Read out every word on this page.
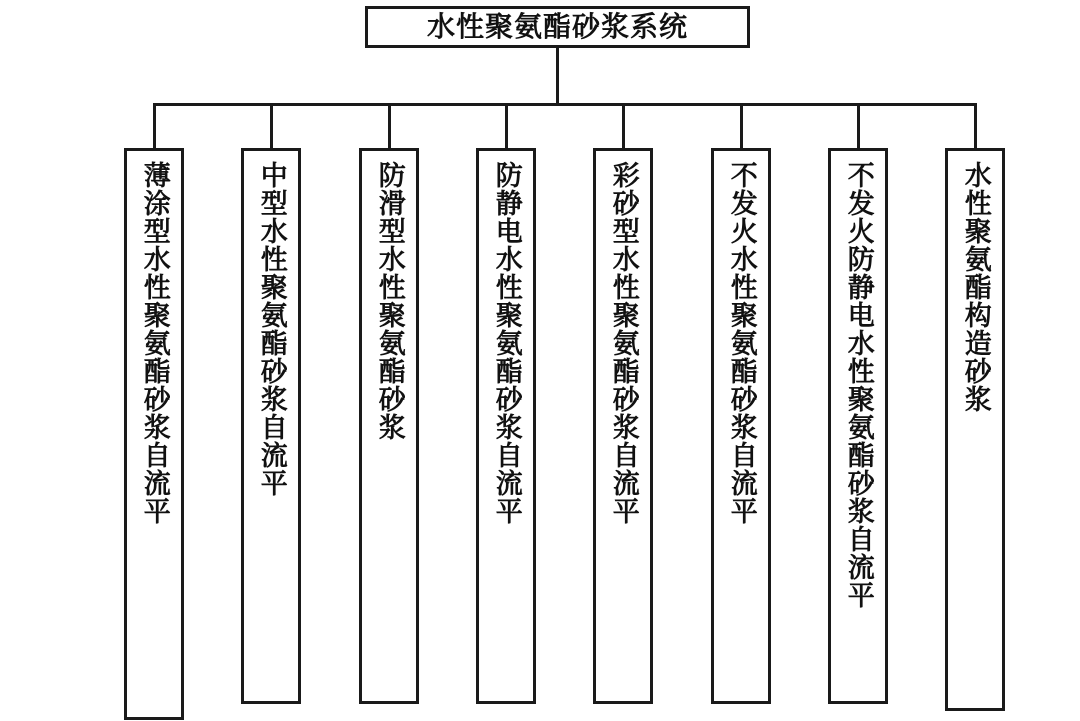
水性聚氨酯砂浆系统
薄涂型水性聚氨酯砂浆自流平	中型水性聚氨酯砂浆自流平	防滑型水性聚氨酯砂浆	防静电水性聚氨酯砂浆自流平	彩砂型水性聚氨酯砂浆自流平	不发火水性聚氨酯砂浆自流平	不发火防静电水性聚氨酯砂浆自流平	水性聚氨酯构造砂浆
